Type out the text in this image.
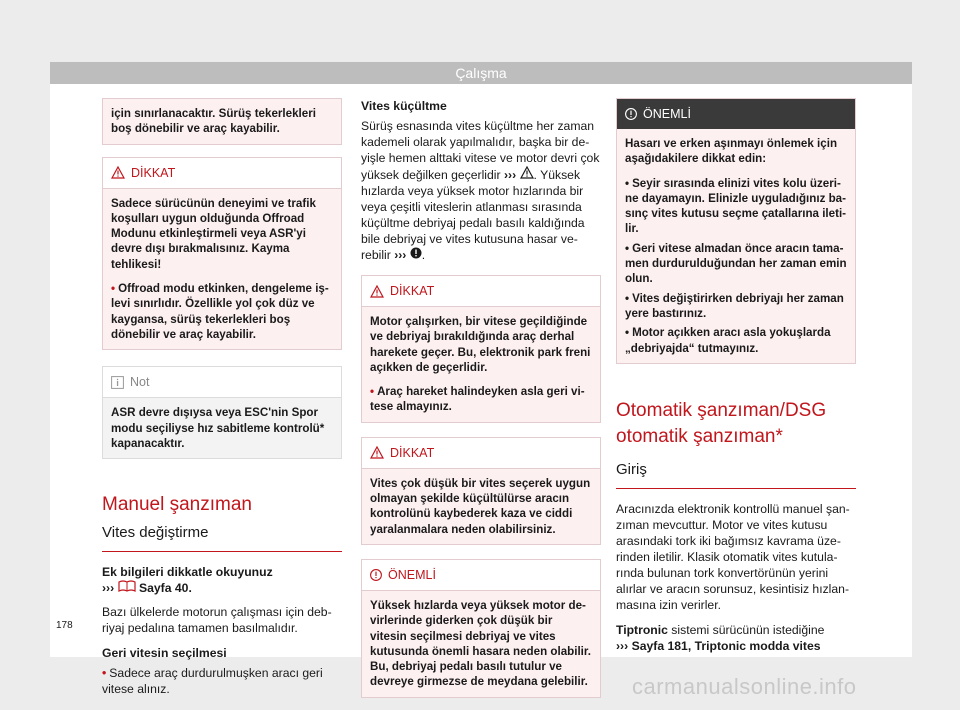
Çalışma
için sınırlanacaktır. Sürüş tekerlekleri boş dönebilir ve araç kayabilir.
DİKKAT

Sadece sürücünün deneyimi ve trafik koşulları uygun olduğunda Offroad Modunu etkinleştirmeli veya ASR'yi devre dışı bırakmalısınız. Kayma tehlikesi!

• Offroad modu etkinken, dengeleme işlevi sınırlıdır. Özellikle yol çok düz ve kaygansa, sürüş tekerlekleri boş dönebilir ve araç kayabilir.
Not
ASR devre dışıysa veya ESC'nin Spor modu seçiliyse hız sabitleme kontrolü* kapanacaktır.
Manuel şanzıman
Vites değiştirme

Ek bilgileri dikkatle okuyunuz
››› Sayfa 40.

Bazı ülkelerde motorun çalışması için debriyaj pedalına tamamen basılmalıdır.

Geri vitesin seçilmesi

• Sadece araç durdurulmuşken aracı geri vitese alınız.

Vites küçültme

Sürüş esnasında vites küçültme her zaman kademeli olarak yapılmalıdır, başka bir deyişle hemen alttaki vitese ve motor devri çok yüksek değilken geçerlidir ››› . Yüksek hızlarda veya yüksek motor hızlarında bir veya çeşitli viteslerin atlanması sırasında küçültme debriyaj pedalı basılı kaldığında bile debriyaj ve vites kutusuna hasar verebilir ››› .

DİKKAT

Motor çalışırken, bir vitese geçildiğinde ve debriyaj bırakıldığında araç derhal harekete geçer. Bu, elektronik park freni açıkken de geçerlidir.

• Araç hareket halindeyken asla geri vitese almayınız.
DİKKAT
Vites çok düşük bir vites seçerek uygun olmayan şekilde küçültülürse aracın kontrolünü kaybederek kaza ve ciddi yaralanmalara neden olabilirsiniz.
ÖNEMLİ
Yüksek hızlarda veya yüksek motor devirlerinde giderken çok düşük bir vitesin seçilmesi debriyaj ve vites kutusunda önemli hasara neden olabilir. Bu, debriyaj pedalı basılı tutulur ve devreye girmezse de meydana gelebilir.
ÖNEMLİ

Hasarı ve erken aşınmayı önlemek için aşağıdakilere dikkat edin:

• Seyir sırasında elinizi vites kolu üzerine dayamayın. Elinizle uyguladığınız basınç vites kutusu seçme çatallarına iletilir.

• Geri vitese almadan önce aracın tamamen durdurulduğundan her zaman emin olun.

• Vites değiştirirken debriyajı her zaman yere bastırınız.

• Motor açıkken aracı asla yokuşlarda „debriyajda“ tutmayınız.

Otomatik şanzıman/DSG otomatik şanzıman*
Giriş

Aracınızda elektronik kontrollü manuel şanzıman mevcuttur. Motor ve vites kutusu arasındaki tork iki bağımsız kavrama üzerinden iletilir. Klasik otomatik vites kutularında bulunan tork konvertörünün yerini alırlar ve aracın sorunsuz, kesintisiz hızlanmasına izin verirler.

Tiptronic sistemi sürücünün istediğine
››› Sayfa 181, Triptonic modda vites

178
carmanualsonline.info
